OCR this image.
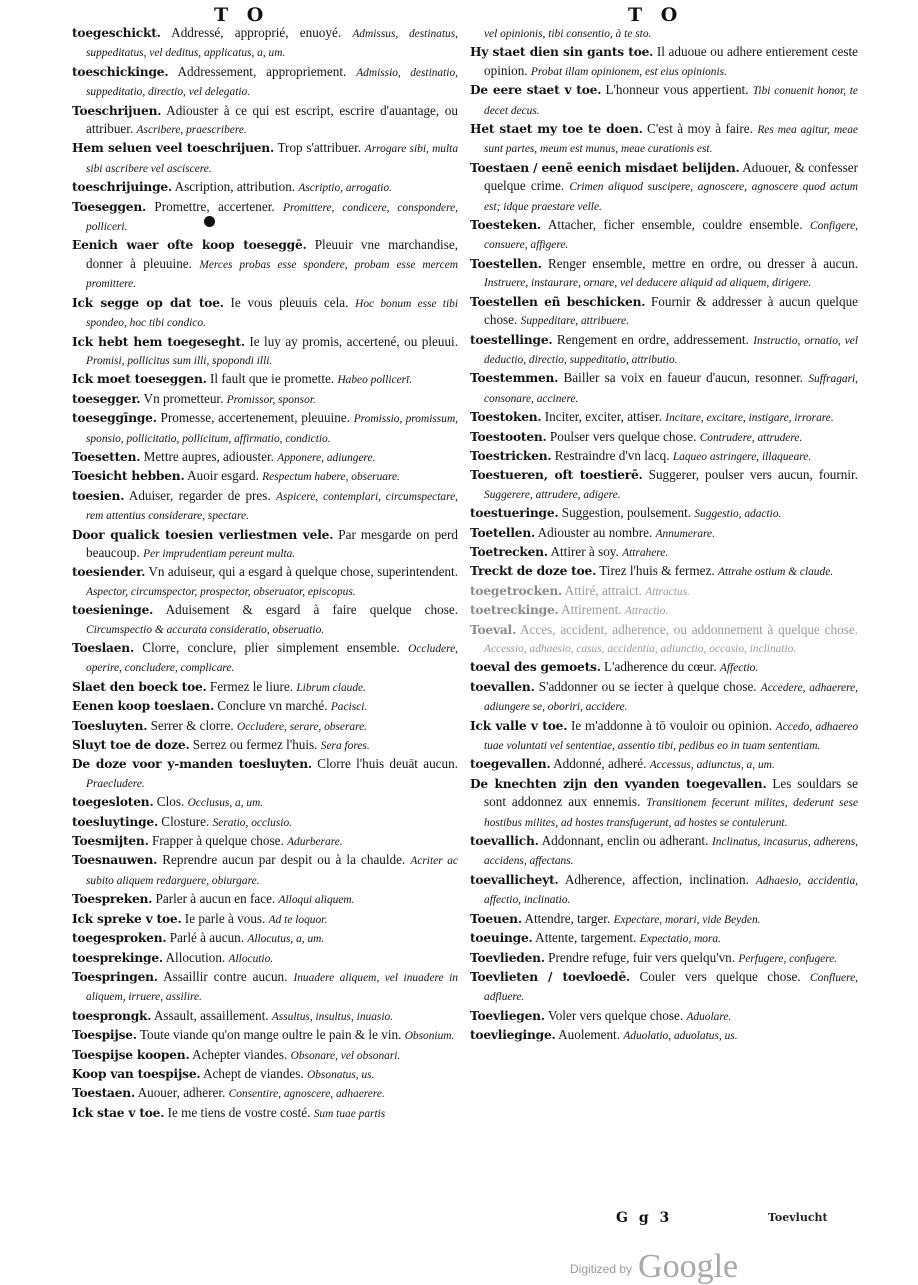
T O	T O

toegeschickt. Addressé, approprié, enuoyé. Admissus, destinatus, suppeditatus, vel deditus, applicatus, a, um.

toeschickinge. Addressement, appropriement. Admissio, destinatio, suppeditatio, directio, vel delegatio.

Toeschrijuen. Adiouster à ce qui est escript, escrire d'auantage, ou attribuer. Ascribere, praescribere.

Hem seluen veel toeschrijuen. Trop s'attribuer. Arrogare sibi, multa sibi ascribere vel asciscere.

toeschrijuinge. Ascription, attribution. Ascriptio, arrogatio.

Toeseggen. Promettre, accertener. Promittere, condicere, conspondere, polliceri.

Eenich waer ofte koop toeseggē. Pleuuir vne marchandise, donner à pleuuine. Merces probas esse spondere, probam esse mercem promittere.

Ick segge op dat toe. Ie vous pleuuis cela. Hoc bonum esse tibi spondeo, hoc tibi condico.

Ick hebt hem toegeseght. Ie luy ay promis, accertené, ou pleuui. Promisi, pollicitus sum illi, spopondi illi.

Ick moet toeseggen. Il fault que ie promette. Habeo pollicerī.

toesegger. Vn prometteur. Promissor, sponsor.

toeseggīnge. Promesse, accertenement, pleuuine. Promissio, promissum, sponsio, pollicitatio, pollicitum, affirmatio, condictio.

Toesetten. Mettre aupres, adiouster. Apponere, adiungere.

Toesicht hebben. Auoir esgard. Respectum habere, obseruare.

toesien. Aduiser, regarder de pres. Aspicere, contemplari, circumspectare, rem attentius considerare, spectare.

Door qualick toesien verliestmen vele. Par mesgarde on perd beaucoup. Per imprudentiam pereunt multa.

toesiender. Vn aduiseur, qui a esgard à quelque chose, superintendent. Aspector, circumspector, prospector, obseruator, episcopus.

toesieninge. Aduisement & esgard à faire quelque chose. Circumspectio & accurata consideratio, obseruatio.

Toeslaen. Clorre, conclure, plier simplement ensemble. Occludere, operire, concludere, complicare.

Slaet den boeck toe. Fermez le liure. Librum claude.

Eenen koop toeslaen. Conclure vn marché. Pacisci.

Toesluyten. Serrer & clorre. Occludere, serare, obserare.

Sluyt toe de doze. Serrez ou fermez l'huis. Sera fores.

De doze voor y-manden toesluyten. Clorre l'huis deuāt aucun. Praecludere.

toegesloten. Clos. Occlusus, a, um.

toesluytinge. Closture. Seratio, occlusio.

Toesmijten. Frapper à quelque chose. Adurberare.

Toesnauwen. Reprendre aucun par despit ou à la chaulde. Acriter ac subito aliquem redarguere, obiurgare.

Toespreken. Parler à aucun en face. Alloqui aliquem.

Ick spreke v toe. Ie parle à vous. Ad te loquor.

toegesproken. Parlé à aucun. Allocutus, a, um.

toesprekinge. Allocution. Allocutio.

Toespringen. Assaillir contre aucun. Inuadere aliquem, vel inuadere in aliquem, irruere, assilire.

toesprongk. Assault, assaillement. Assultus, insultus, inuasio.

Toespijse. Toute viande qu'on mange oultre le pain & le vin. Obsonium.

Toespijse koopen. Achepter viandes. Obsonare, vel obsonari.

Koop van toespijse. Achept de viandes. Obsonatus, us.

Toestaen. Auouer, adherer. Consentire, agnoscere, adhaerere.

Ick stae v toe. Ie me tiens de vostre costé. Sum tuae partis

vel opinionis, tibi consentio, à te sto.

Hy staet dien sin gants toe. Il aduoue ou adhere entierement ceste opinion. Probat illam opinionem, est eius opinionis.

De eere staet v toe. L'honneur vous appertient. Tibi conuenit honor, te decet decus.

Het staet my toe te doen. C'est à moy à faire. Res mea agitur, meae sunt partes, meum est munus, meae curationis est.

Toestaen / eenē eenich misdaet belijden. Aduouer, & confesser quelque crime. Crimen aliquod suscipere, agnoscere, agnoscere quod actum est; idque praestare velle.

Toesteken. Attacher, ficher ensemble, couldre ensemble. Configere, consuere, affigere.

Toestellen. Renger ensemble, mettre en ordre, ou dresser à aucun. Instruere, instaurare, ornare, vel deducere aliquid ad aliquem, dirigere.

Toestellen eñ beschicken. Fournir & addresser à aucun quelque chose. Suppeditare, attribuere.

toestellinge. Rengement en ordre, addressement. Instructio, ornatio, vel deductio, directio, suppeditatio, attributio.

Toestemmen. Bailler sa voix en faueur d'aucun, resonner. Suffragari, consonare, accinere.

Toestoken. Inciter, exciter, attiser. Incitare, excitare, instigare, irrorare.

Toestooten. Poulser vers quelque chose. Contrudere, attrudere.

Toestricken. Restraindre d'vn lacq. Laqueo astringere, illaqueare.

Toestueren, oft toestierē. Suggerer, poulser vers aucun, fournir. Suggerere, attrudere, adigere.

toestueringe. Suggestion, poulsement. Suggestio, adactio.

Toetellen. Adiouster au nombre. Annumerare.

Toetrecken. Attirer à soy. Attrahere.

Treckt de doze toe. Tirez l'huis & fermez. Attrahe ostium & claude.

toegetrocken. Attiré, attraict. Attractus.

toetreckinge. Attirement. Attractio.

Toeval. Acces, accident, adherence, ou addonnement à quelque chose. Accessio, adhaesio, casus, accidentia, adiunctio, occasio, inclinatio.

toeval des gemoets. L'adherence du cœur. Affectio.

toevallen. S'addonner ou se iecter à quelque chose. Accedere, adhaerere, adiungere se, oboriri, accidere.

Ick valle v toe. Ie m'addonne à tō vouloir ou opinion. Accedo, adhaereo tuae voluntati vel sententiae, assentio tibi, pedibus eo in tuam sententiam.

toegevallen. Addonné, adheré. Accessus, adiunctus, a, um.

De knechten zijn den vyanden toegevallen. Les souldars se sont addonnez aux ennemis. Transitionem fecerunt milites, dederunt sese hostibus milites, ad hostes transfugerunt, ad hostes se contulerunt.

toevallich. Addonnant, enclin ou adherant. Inclinatus, incasurus, adherens, accidens, affectans.

toevallicheyt. Adherence, affection, inclination. Adhaesio, accidentia, affectio, inclinatio.

Toeuen. Attendre, targer. Expectare, morari, vide Beyden.

toeuinge. Attente, targement. Expectatio, mora.

Toevlieden. Prendre refuge, fuir vers quelqu'vn. Perfugere, confugere.

Toevlieten / toevloedē. Couler vers quelque chose. Confluere, adfluere.

Toevliegen. Voler vers quelque chose. Aduolare.

toevlieginge. Auolement. Aduolatio, aduolatus, us.

G g 3	Toevlucht
Digitized by Google
